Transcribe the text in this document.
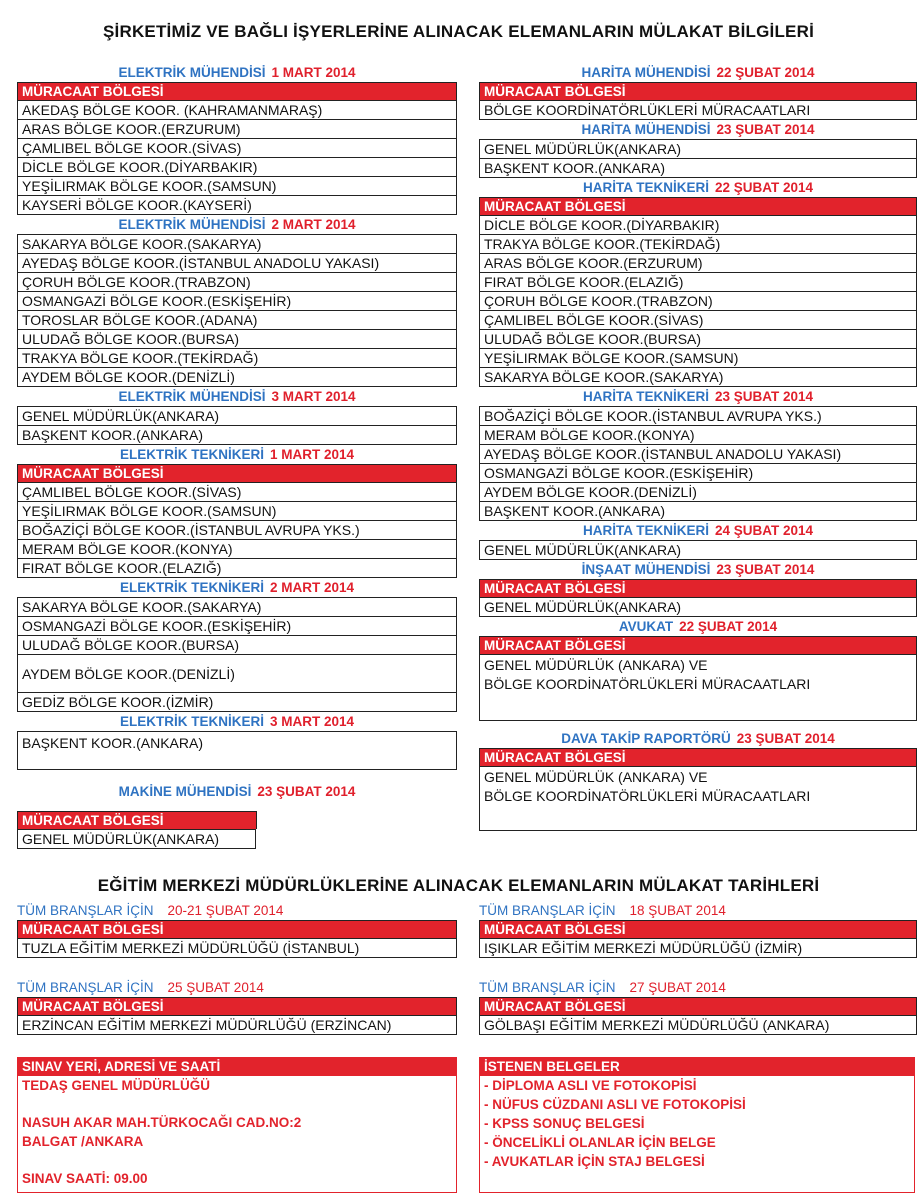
ŞİRKETİMİZ VE BAĞLI İŞYERLERİNE ALINACAK ELEMANLARIN MÜLAKAT BİLGİLERİ
EĞİTİM MERKEZİ MÜDÜRLÜKLERİNE ALINACAK ELEMANLARIN MÜLAKAT TARİHLERİ
ELEKTRİK MÜHENDİSİ 1 MART 2014
MÜRACAAT BÖLGESİ
AKEDAŞ BÖLGE KOOR. (KAHRAMANMARAŞ)
ARAS BÖLGE KOOR.(ERZURUM)
ÇAMLIBEL BÖLGE KOOR.(SİVAS)
DİCLE BÖLGE KOOR.(DİYARBAKIR)
YEŞİLIRMAK BÖLGE KOOR.(SAMSUN)
KAYSERİ BÖLGE KOOR.(KAYSERİ)
ELEKTRİK MÜHENDİSİ 2 MART 2014
SAKARYA BÖLGE KOOR.(SAKARYA)
AYEDAŞ BÖLGE KOOR.(İSTANBUL ANADOLU YAKASI)
ÇORUH BÖLGE KOOR.(TRABZON)
OSMANGAZİ BÖLGE KOOR.(ESKİŞEHİR)
TOROSLAR BÖLGE KOOR.(ADANA)
ULUDAĞ BÖLGE KOOR.(BURSA)
TRAKYA BÖLGE KOOR.(TEKİRDAĞ)
AYDEM BÖLGE KOOR.(DENİZLİ)
ELEKTRİK MÜHENDİSİ 3 MART 2014
GENEL MÜDÜRLÜK(ANKARA)
BAŞKENT KOOR.(ANKARA)
ELEKTRİK TEKNİKERİ 1 MART 2014
MÜRACAAT BÖLGESİ
ÇAMLIBEL BÖLGE KOOR.(SİVAS)
YEŞİLIRMAK BÖLGE KOOR.(SAMSUN)
BOĞAZİÇİ BÖLGE KOOR.(İSTANBUL AVRUPA YKS.)
MERAM BÖLGE KOOR.(KONYA)
FIRAT BÖLGE KOOR.(ELAZIĞ)
ELEKTRİK TEKNİKERİ 2 MART 2014
SAKARYA BÖLGE KOOR.(SAKARYA)
OSMANGAZİ BÖLGE KOOR.(ESKİŞEHİR)
ULUDAĞ BÖLGE KOOR.(BURSA)
AYDEM BÖLGE KOOR.(DENİZLİ)
GEDİZ BÖLGE KOOR.(İZMİR)
ELEKTRİK TEKNİKERİ 3 MART 2014
BAŞKENT KOOR.(ANKARA)
MAKİNE MÜHENDİSİ 23 ŞUBAT 2014
MÜRACAAT BÖLGESİ
GENEL MÜDÜRLÜK(ANKARA)
HARİTA MÜHENDİSİ 22 ŞUBAT 2014
MÜRACAAT BÖLGESİ
BÖLGE KOORDİNATÖRLÜKLERİ MÜRACAATLARI
HARİTA MÜHENDİSİ 23 ŞUBAT 2014
GENEL MÜDÜRLÜK(ANKARA)
BAŞKENT KOOR.(ANKARA)
HARİTA TEKNİKERİ 22 ŞUBAT 2014
MÜRACAAT BÖLGESİ
DİCLE BÖLGE KOOR.(DİYARBAKIR)
TRAKYA BÖLGE KOOR.(TEKİRDAĞ)
ARAS BÖLGE KOOR.(ERZURUM)
FIRAT BÖLGE KOOR.(ELAZIĞ)
ÇORUH BÖLGE KOOR.(TRABZON)
ÇAMLIBEL BÖLGE KOOR.(SİVAS)
ULUDAĞ BÖLGE KOOR.(BURSA)
YEŞİLIRMAK BÖLGE KOOR.(SAMSUN)
SAKARYA BÖLGE KOOR.(SAKARYA)
HARİTA TEKNİKERİ 23 ŞUBAT 2014
BOĞAZİÇİ BÖLGE KOOR.(İSTANBUL AVRUPA YKS.)
MERAM BÖLGE KOOR.(KONYA)
AYEDAŞ BÖLGE KOOR.(İSTANBUL ANADOLU YAKASI)
OSMANGAZİ BÖLGE KOOR.(ESKİŞEHİR)
AYDEM BÖLGE KOOR.(DENİZLİ)
BAŞKENT KOOR.(ANKARA)
HARİTA TEKNİKERİ 24 ŞUBAT 2014
GENEL MÜDÜRLÜK(ANKARA)
İNŞAAT MÜHENDİSİ 23 ŞUBAT 2014
MÜRACAAT BÖLGESİ
GENEL MÜDÜRLÜK(ANKARA)
AVUKAT 22 ŞUBAT 2014
MÜRACAAT BÖLGESİ
GENEL MÜDÜRLÜK (ANKARA) VE
BÖLGE KOORDİNATÖRLÜKLERİ MÜRACAATLARI
DAVA TAKİP RAPORTÖRÜ 23 ŞUBAT 2014
MÜRACAAT BÖLGESİ
GENEL MÜDÜRLÜK (ANKARA) VE
BÖLGE KOORDİNATÖRLÜKLERİ MÜRACAATLARI
TÜM BRANŞLAR İÇİN 20-21 ŞUBAT 2014
MÜRACAAT BÖLGESİ
TUZLA EĞİTİM MERKEZİ MÜDÜRLÜĞÜ (İSTANBUL)
TÜM BRANŞLAR İÇİN 18 ŞUBAT 2014
MÜRACAAT BÖLGESİ
IŞIKLAR EĞİTİM MERKEZİ MÜDÜRLÜĞÜ (İZMİR)
TÜM BRANŞLAR İÇİN 25 ŞUBAT 2014
MÜRACAAT BÖLGESİ
ERZİNCAN EĞİTİM MERKEZİ MÜDÜRLÜĞÜ (ERZİNCAN)
TÜM BRANŞLAR İÇİN 27 ŞUBAT 2014
MÜRACAAT BÖLGESİ
GÖLBAŞI EĞİTİM MERKEZİ MÜDÜRLÜĞÜ (ANKARA)
SINAV YERİ, ADRESİ VE SAATİ
TEDAŞ GENEL MÜDÜRLÜĞÜ
NASUH AKAR MAH.TÜRKOCAĞI CAD.NO:2
BALGAT /ANKARA
SINAV SAATİ: 09.00
İSTENEN BELGELER
- DİPLOMA ASLI VE FOTOKOPİSİ
- NÜFUS CÜZDANI ASLI VE FOTOKOPİSİ
- KPSS SONUÇ BELGESİ
- ÖNCELİKLİ OLANLAR İÇİN BELGE
- AVUKATLAR İÇİN STAJ BELGESİ
